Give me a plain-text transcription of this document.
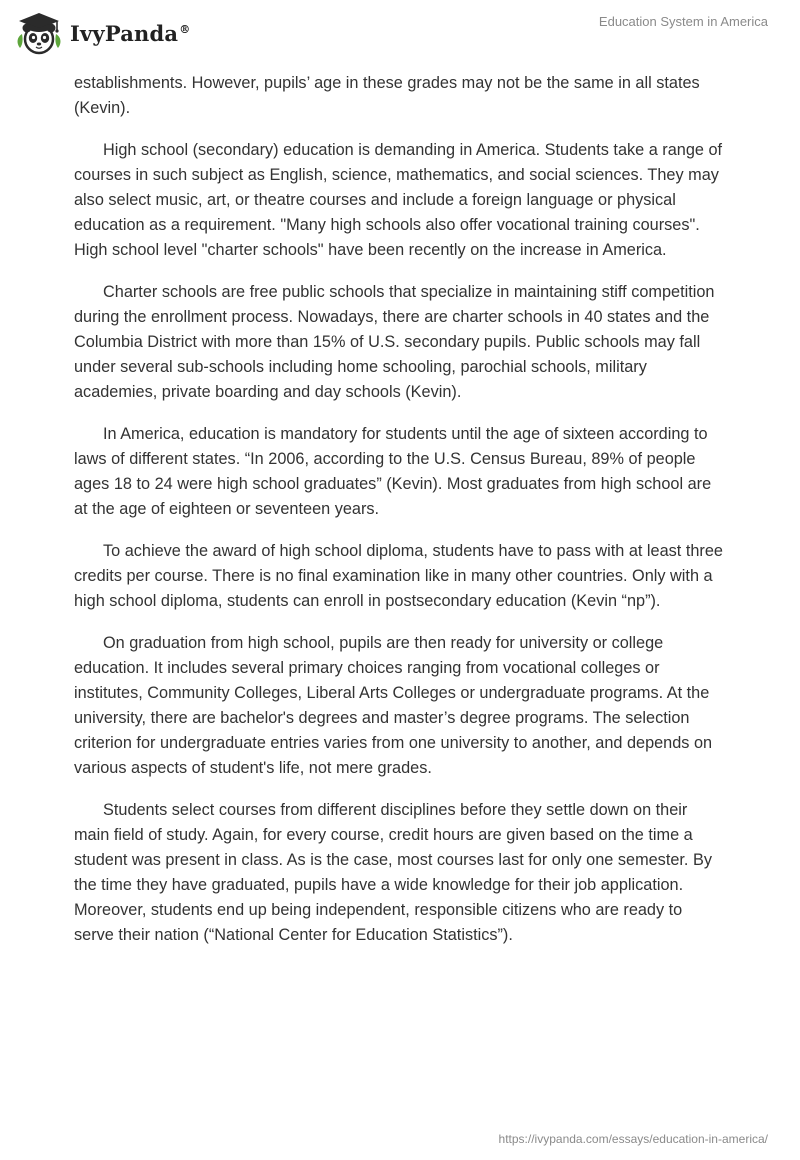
IvyPanda®	Education System in America

establishments. However, pupils’ age in these grades may not be the same in all states (Kevin).

High school (secondary) education is demanding in America. Students take a range of courses in such subject as English, science, mathematics, and social sciences. They may also select music, art, or theatre courses and include a foreign language or physical education as a requirement. "Many high schools also offer vocational training courses". High school level "charter schools" have been recently on the increase in America.

Charter schools are free public schools that specialize in maintaining stiff competition during the enrollment process. Nowadays, there are charter schools in 40 states and the Columbia District with more than 15% of U.S. secondary pupils. Public schools may fall under several sub-schools including home schooling, parochial schools, military academies, private boarding and day schools (Kevin).

In America, education is mandatory for students until the age of sixteen according to laws of different states. “In 2006, according to the U.S. Census Bureau, 89% of people ages 18 to 24 were high school graduates” (Kevin). Most graduates from high school are at the age of eighteen or seventeen years.

To achieve the award of high school diploma, students have to pass with at least three credits per course. There is no final examination like in many other countries. Only with a high school diploma, students can enroll in postsecondary education (Kevin “np”).

On graduation from high school, pupils are then ready for university or college education. It includes several primary choices ranging from vocational colleges or institutes, Community Colleges, Liberal Arts Colleges or undergraduate programs. At the university, there are bachelor's degrees and master’s degree programs. The selection criterion for undergraduate entries varies from one university to another, and depends on various aspects of student's life, not mere grades.

Students select courses from different disciplines before they settle down on their main field of study. Again, for every course, credit hours are given based on the time a student was present in class. As is the case, most courses last for only one semester. By the time they have graduated, pupils have a wide knowledge for their job application. Moreover, students end up being independent, responsible citizens who are ready to serve their nation (“National Center for Education Statistics”).

https://ivypanda.com/essays/education-in-america/
